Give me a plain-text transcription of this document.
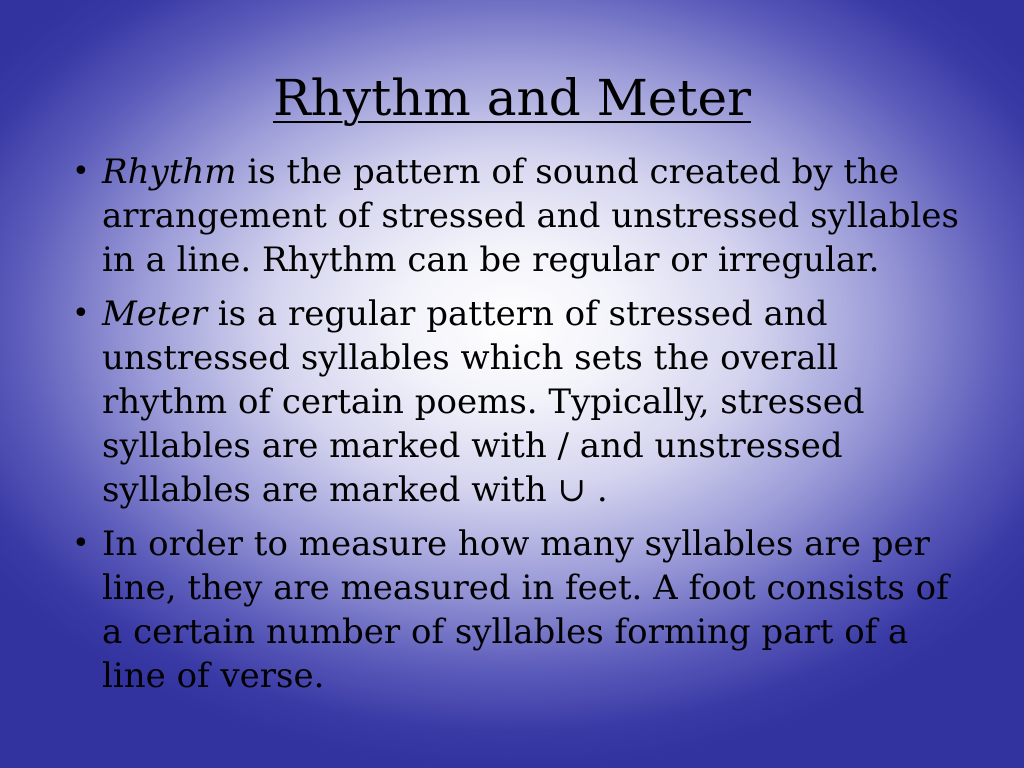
Rhythm and Meter
• Rhythm is the pattern of sound created by the arrangement of stressed and unstressed syllables in a line. Rhythm can be regular or irregular.
• Meter is a regular pattern of stressed and unstressed syllables which sets the overall rhythm of certain poems. Typically, stressed syllables are marked with / and unstressed syllables are marked with ∪ .
• In order to measure how many syllables are per line, they are measured in feet. A foot consists of a certain number of syllables forming part of a line of verse.
